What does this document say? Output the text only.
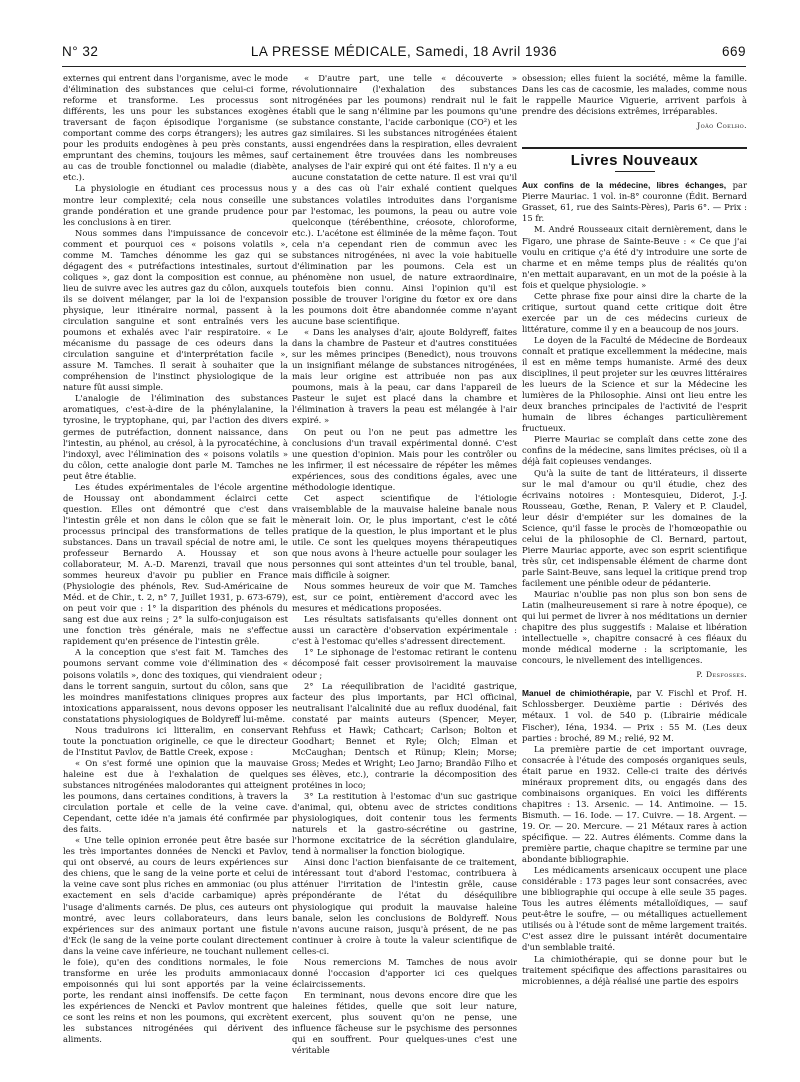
N° 32	LA PRESSE MÉDICALE, Samedi, 18 Avril 1936	669

externes qui entrent dans l'organisme, avec le mode d'élimination des substances que celui-ci forme, reforme et transforme. Les processus sont différents, les uns pour les substances exogènes traversant de façon épisodique l'organisme (se comportant comme des corps étrangers); les autres pour les produits endogènes à peu près constants, empruntant des chemins, toujours les mêmes, sauf au cas de trouble fonctionnel ou maladie (diabète, etc.).

La physiologie en étudiant ces processus nous montre leur complexité; cela nous conseille une grande pondération et une grande prudence pour les conclusions à en tirer.

Nous sommes dans l'impuissance de concevoir comment et pourquoi ces « poisons volatils », comme M. Tamches dénomme les gaz qui se dégagent des « putréfactions intestinales, surtout coliques », gaz dont la composition est connue, au lieu de suivre avec les autres gaz du côlon, auxquels ils se doivent mélanger, par la loi de l'expansion physique, leur itinéraire normal, passent à la circulation sanguine et sont entraînés vers les poumons et exhalés avec l'air respiratoire. « Le mécanisme du passage de ces odeurs dans la circulation sanguine et d'interprétation facile », assure M. Tamches. Il serait à souhaiter que la compréhension de l'instinct physiologique de la nature fût aussi simple.

L'analogie de l'élimination des substances aromatiques, c'est-à-dire de la phénylalanine, la tyrosine, le tryptophane, qui, par l'action des divers germes de putréfaction, donnent naissance, dans l'intestin, au phénol, au crésol, à la pyrocatéchine, à l'indoxyl, avec l'élimination des « poisons volatils » du côlon, cette analogie dont parle M. Tamches ne peut être établie.

Les études expérimentales de l'école argentine de Houssay ont abondamment éclairci cette question. Elles ont démontré que c'est dans l'intestin grêle et non dans le côlon que se fait le processus principal des transformations de telles substances. Dans un travail spécial de notre ami, le professeur Bernardo A. Houssay et son collaborateur, M. A.-D. Marenzi, travail que nous sommes heureux d'avoir pu publier en France (Physiologie des phénols, Rev. Sud-Américaine de Méd. et de Chir., t. 2, n° 7, Juillet 1931, p. 673-679), on peut voir que : 1° la disparition des phénols du sang est due aux reins ; 2° la sulfo-conjugaison est une fonction très générale, mais ne s'effectue rapidement qu'en présence de l'intestin grêle.

A la conception que s'est fait M. Tamches des poumons servant comme voie d'élimination des « poisons volatils », donc des toxiques, qui viendraient dans le torrent sanguin, surtout du côlon, sans que les moindres manifestations cliniques propres aux intoxications apparaissent, nous devons opposer les constatations physiologiques de Boldyreff lui-même.

Nous traduirons ici litteralim, en conservant toute la ponctuation originelle, ce que le directeur de l'Institut Pavlov, de Battle Creek, expose :

« On s'est formé une opinion que la mauvaise haleine est due à l'exhalation de quelques substances nitrogénées malodorantes qui atteignent les poumons, dans certaines conditions, à travers la circulation portale et celle de la veine cave. Cependant, cette idée n'a jamais été confirmée par des faits.

« Une telle opinion erronée peut être basée sur les très importantes données de Nencki et Pavlov, qui ont observé, au cours de leurs expériences sur des chiens, que le sang de la veine porte et celui de la veine cave sont plus riches en ammoniac (ou plus exactement en sels d'acide carbamique) après l'usage d'aliments carnés. De plus, ces auteurs ont montré, avec leurs collaborateurs, dans leurs expériences sur des animaux portant une fistule d'Eck (le sang de la veine porte coulant directement dans la veine cave inférieure, ne touchant nullement le foie), qu'en des conditions normales, le foie transforme en urée les produits ammoniacaux empoisonnés qui lui sont apportés par la veine porte, les rendant ainsi inoffensifs. De cette façon les expériences de Nencki et Pavlov montrent que ce sont les reins et non les poumons, qui excrètent les substances nitrogénées qui dérivent des aliments.

« D'autre part, une telle « découverte » révolutionnaire (l'exhalation des substances nitrogénées par les poumons) rendrait nul le fait établi que le sang n'élimine par les poumons qu'une substance constante, l'acide carbonique (CO²) et les gaz similaires. Si les substances nitrogénées étaient aussi engendrées dans la respiration, elles devraient certainement être trouvées dans les nombreuses analyses de l'air expiré qui ont été faites. Il n'y a eu aucune constatation de cette nature. Il est vrai qu'il y a des cas où l'air exhalé contient quelques substances volatiles introduites dans l'organisme par l'estomac, les poumons, la peau ou autre voie quelconque (térébenthine, créosote, chloroforme, etc.). L'acétone est éliminée de la même façon. Tout cela n'a cependant rien de commun avec les substances nitrogénées, ni avec la voie habituelle d'élimination par les poumons. Cela est un phénomène non usuel, de nature extraordinaire, toutefois bien connu. Ainsi l'opinion qu'il est possible de trouver l'origine du fœtor ex ore dans les poumons doit être abandonnée comme n'ayant aucune base scientifique.

« Dans les analyses d'air, ajoute Boldyreff, faites dans la chambre de Pasteur et d'autres constituées sur les mêmes principes (Benedict), nous trouvons un insignifiant mélange de substances nitrogénées, mais leur origine est attribuée non pas aux poumons, mais à la peau, car dans l'appareil de Pasteur le sujet est placé dans la chambre et l'élimination à travers la peau est mélangée à l'air expiré. »

On peut ou l'on ne peut pas admettre les conclusions d'un travail expérimental donné. C'est une question d'opinion. Mais pour les contrôler ou les infirmer, il est nécessaire de répéter les mêmes expériences, sous des conditions égales, avec une méthodologie identique.

Cet aspect scientifique de l'étiologie vraisemblable de la mauvaise haleine banale nous mènerait loin. Or, le plus important, c'est le côté pratique de la question, le plus important et le plus utile. Ce sont les quelques moyens thérapeutiques que nous avons à l'heure actuelle pour soulager les personnes qui sont atteintes d'un tel trouble, banal, mais difficile à soigner.

Nous sommes heureux de voir que M. Tamches est, sur ce point, entièrement d'accord avec les mesures et médications proposées.

Les résultats satisfaisants qu'elles donnent ont aussi un caractère d'observation expérimentale : c'est à l'estomac qu'elles s'adressent directement.

1° Le siphonage de l'estomac retirant le contenu décomposé fait cesser provisoirement la mauvaise odeur ;

2° La réequilibration de l'acidité gastrique, facteur des plus importants, par HCl officinal, neutralisant l'alcalinité due au reflux duodénal, fait constaté par maints auteurs (Spencer, Meyer, Rehfuss et Hawk; Cathcart; Carlson; Bolton et Goodhart; Bennet et Ryle; Olch; Elman et McCaughan; Dentsch et Rünup; Klein; Morse; Gross; Medes et Wright; Leo Jarno; Brandão Filho et ses élèves, etc.), contrarie la décomposition des protéines in loco;

3° La restitution à l'estomac d'un suc gastrique d'animal, qui, obtenu avec de strictes conditions physiologiques, doit contenir tous les ferments naturels et la gastro-sécrétine ou gastrine, l'hormone excitatrice de la sécrétion glandulaire, tend à normaliser la fonction biologique.

Ainsi donc l'action bienfaisante de ce traitement, intéressant tout d'abord l'estomac, contribuera à atténuer l'irritation de l'intestin grêle, cause prépondérante de l'état du déséquilibre physiologique qui produit la mauvaise haleine banale, selon les conclusions de Boldyreff. Nous n'avons aucune raison, jusqu'à présent, de ne pas continuer à croire à toute la valeur scientifique de celles-ci.

Nous remercions M. Tamches de nous avoir donné l'occasion d'apporter ici ces quelques éclaircissements.

En terminant, nous devons encore dire que les haleines fétides, quelle que soit leur nature, exercent, plus souvent qu'on ne pense, une influence fâcheuse sur le psychisme des personnes qui en souffrent. Pour quelques-unes c'est une véritable

obsession; elles fuient la société, même la famille. Dans les cas de cacosmie, les malades, comme nous le rappelle Maurice Viguerie, arrivent parfois à prendre des décisions extrêmes, irréparables.

João Coelho.
Livres Nouveaux

Aux confins de la médecine, libres échanges, par Pierre Mauriac. 1 vol. in-8° couronne (Édit. Bernard Grasset, 61, rue des Saints-Pères), Paris 6°. — Prix : 15 fr.

M. André Rousseaux citait dernièrement, dans le Figaro, une phrase de Sainte-Beuve : « Ce que j'ai voulu en critique ç'a été d'y introduire une sorte de charme et en même temps plus de réalités qu'on n'en mettait auparavant, en un mot de la poésie à la fois et quelque physiologie. »

Cette phrase fixe pour ainsi dire la charte de la critique, surtout quand cette critique doit être exercée par un de ces médecins curieux de littérature, comme il y en a beaucoup de nos jours.

Le doyen de la Faculté de Médecine de Bordeaux connaît et pratique excellemment la médecine, mais il est en même temps humaniste. Armé des deux disciplines, il peut projeter sur les œuvres littéraires les lueurs de la Science et sur la Médecine les lumières de la Philosophie. Ainsi ont lieu entre les deux branches principales de l'activité de l'esprit humain de libres échanges particulièrement fructueux.

Pierre Mauriac se complaît dans cette zone des confins de la médecine, sans limites précises, où il a déjà fait copieuses vendanges.

Qu'à la suite de tant de littérateurs, il disserte sur le mal d'amour ou qu'il étudie, chez des écrivains notoires : Montesquieu, Diderot, J.-J. Rousseau, Gœthe, Renan, P. Valery et P. Claudel, leur désir d'empiéter sur les domaines de la Science, qu'il fasse le procès de l'homœopathie ou celui de la philosophie de Cl. Bernard, partout, Pierre Mauriac apporte, avec son esprit scientifique très sûr, cet indispensable élément de charme dont parle Saint-Beuve, sans lequel la critique prend trop facilement une pénible odeur de pédanterie.

Mauriac n'oublie pas non plus son bon sens de Latin (malheureusement si rare à notre époque), ce qui lui permet de livrer à nos méditations un dernier chapitre des plus suggestifs : Malaise et libération intellectuelle », chapitre consacré à ces fléaux du monde médical moderne : la scriptomanie, les concours, le nivellement des intelligences.

P. Desfosses.

Manuel de chimiothérapie, par V. Fischl et Prof. H. Schlossberger. Deuxième partie : Dérivés des métaux. 1 vol. de 540 p. (Librairie médicale Fischer), Iéna, 1934. — Prix : 55 M. (Les deux parties : broché, 89 M.; relié, 92 M.

La première partie de cet important ouvrage, consacrée à l'étude des composés organiques seuls, était parue en 1932. Celle-ci traite des dérivés minéraux proprement dits, ou engagés dans des combinaisons organiques. En voici les différents chapitres : 13. Arsenic. — 14. Antimoine. — 15. Bismuth. — 16. Iode. — 17. Cuivre. — 18. Argent. — 19. Or. — 20. Mercure. — 21 Métaux rares à action spécifique. — 22. Autres éléments. Comme dans la première partie, chaque chapitre se termine par une abondante bibliographie.

Les médicaments arsenicaux occupent une place considérable : 173 pages leur sont consacrées, avec une bibliographie qui occupe à elle seule 35 pages. Tous les autres éléments métalloïdiques, — sauf peut-être le soufre, — ou métalliques actuellement utilisés ou à l'étude sont de même largement traités. C'est assez dire le puissant intérêt documentaire d'un semblable traité.

La chimiothérapie, qui se donne pour but le traitement spécifique des affections parasitaires ou microbiennes, a déjà réalisé une partie des espoirs
